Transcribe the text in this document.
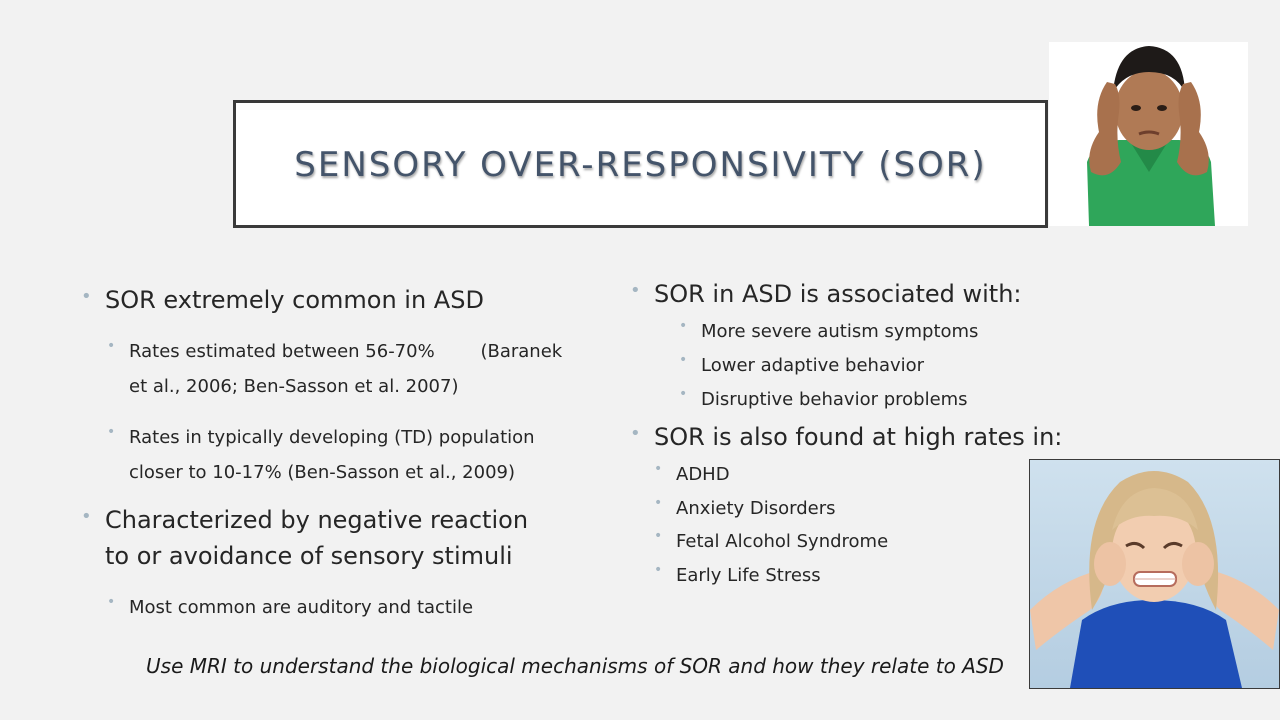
SENSORY OVER-RESPONSIVITY (SOR)
• SOR extremely common in ASD
• Rates estimated between 56-70%        (Baranek
et al., 2006; Ben-Sasson et al. 2007)
• Rates in typically developing (TD) population
closer to 10-17% (Ben-Sasson et al., 2009)
• Characterized by negative reaction
to or avoidance of sensory stimuli
• Most common are auditory and tactile
• SOR in ASD is associated with:
• More severe autism symptoms
• Lower adaptive behavior
• Disruptive behavior problems
• SOR is also found at high rates in:
• ADHD
• Anxiety Disorders
• Fetal Alcohol Syndrome
• Early Life Stress
Use MRI to understand the biological mechanisms of SOR and how they relate to ASD
